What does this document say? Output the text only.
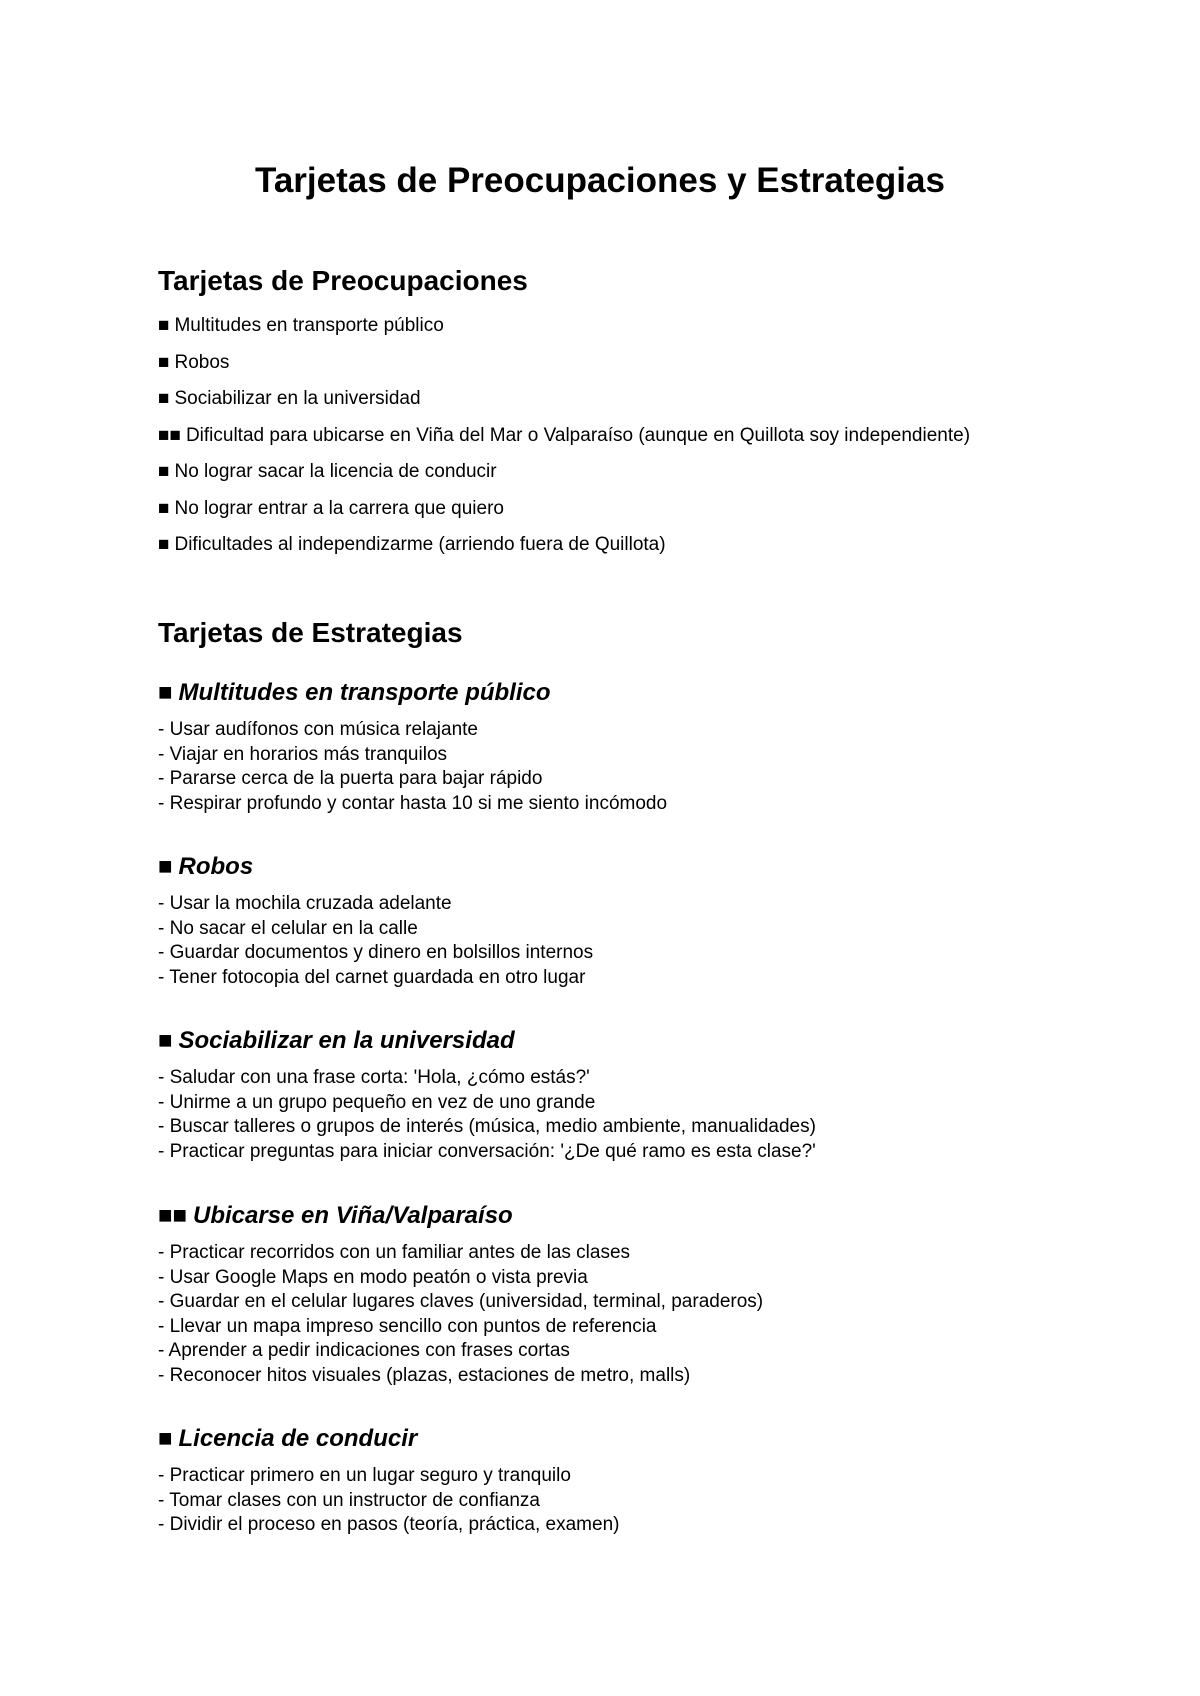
Tarjetas de Preocupaciones y Estrategias
Tarjetas de Preocupaciones
■ Multitudes en transporte público
■ Robos
■ Sociabilizar en la universidad
■■ Dificultad para ubicarse en Viña del Mar o Valparaíso (aunque en Quillota soy independiente)
■ No lograr sacar la licencia de conducir
■ No lograr entrar a la carrera que quiero
■ Dificultades al independizarme (arriendo fuera de Quillota)
Tarjetas de Estrategias
■ Multitudes en transporte público
- Usar audífonos con música relajante
- Viajar en horarios más tranquilos
- Pararse cerca de la puerta para bajar rápido
- Respirar profundo y contar hasta 10 si me siento incómodo
■ Robos
- Usar la mochila cruzada adelante
- No sacar el celular en la calle
- Guardar documentos y dinero en bolsillos internos
- Tener fotocopia del carnet guardada en otro lugar
■ Sociabilizar en la universidad
- Saludar con una frase corta: 'Hola, ¿cómo estás?'
- Unirme a un grupo pequeño en vez de uno grande
- Buscar talleres o grupos de interés (música, medio ambiente, manualidades)
- Practicar preguntas para iniciar conversación: '¿De qué ramo es esta clase?'
■■ Ubicarse en Viña/Valparaíso
- Practicar recorridos con un familiar antes de las clases
- Usar Google Maps en modo peatón o vista previa
- Guardar en el celular lugares claves (universidad, terminal, paraderos)
- Llevar un mapa impreso sencillo con puntos de referencia
- Aprender a pedir indicaciones con frases cortas
- Reconocer hitos visuales (plazas, estaciones de metro, malls)
■ Licencia de conducir
- Practicar primero en un lugar seguro y tranquilo
- Tomar clases con un instructor de confianza
- Dividir el proceso en pasos (teoría, práctica, examen)
